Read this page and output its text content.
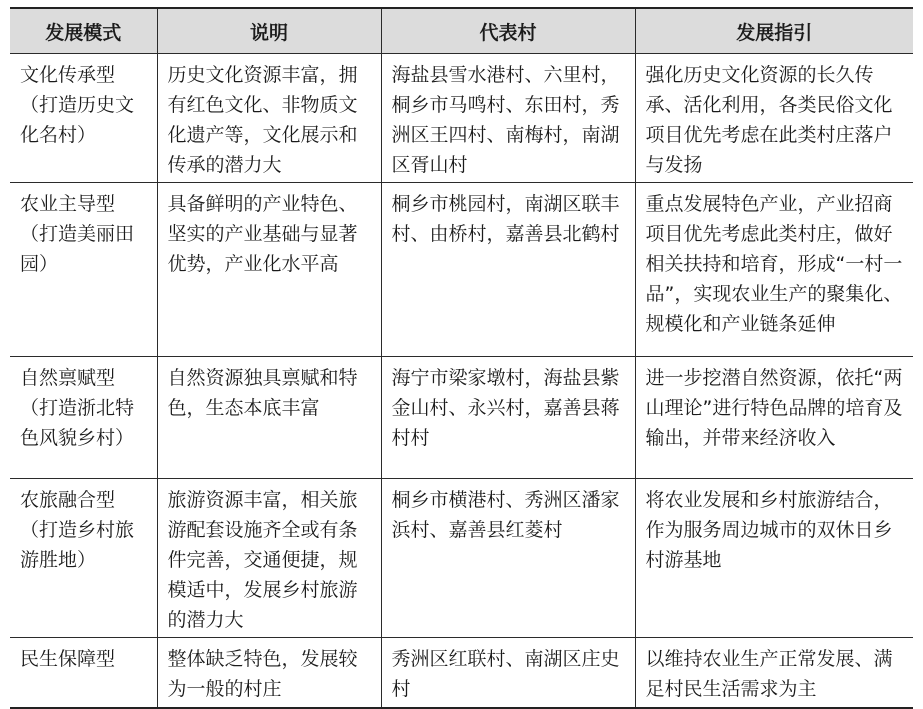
发展模式	说明	代表村	发展指引
文化传承型
（打造历史文
化名村）	历史文化资源丰富，拥有红色文化、非物质文化遗产等，文化展示和传承的潜力大	海盐县雪水港村、六里村，桐乡市马鸣村、东田村，秀洲区王四村、南梅村，南湖区胥山村	强化历史文化资源的长久传承、活化利用，各类民俗文化项目优先考虑在此类村庄落户与发扬
农业主导型
（打造美丽田
园）	具备鲜明的产业特色、坚实的产业基础与显著优势，产业化水平高	桐乡市桃园村，南湖区联丰村、由桥村，嘉善县北鹤村	重点发展特色产业，产业招商项目优先考虑此类村庄，做好相关扶持和培育，形成“一村一品”，实现农业生产的聚集化、规模化和产业链条延伸
自然禀赋型
（打造浙北特
色风貌乡村）	自然资源独具禀赋和特色，生态本底丰富	海宁市梁家墩村，海盐县紫金山村、永兴村，嘉善县蒋村村	进一步挖潜自然资源，依托“两山理论”进行特色品牌的培育及输出，并带来经济收入
农旅融合型
（打造乡村旅
游胜地）	旅游资源丰富，相关旅游配套设施齐全或有条件完善，交通便捷，规模适中，发展乡村旅游的潜力大	桐乡市横港村、秀洲区潘家浜村、嘉善县红菱村	将农业发展和乡村旅游结合，作为服务周边城市的双休日乡村游基地
民生保障型	整体缺乏特色，发展较为一般的村庄	秀洲区红联村、南湖区庄史村	以维持农业生产正常发展、满足村民生活需求为主
